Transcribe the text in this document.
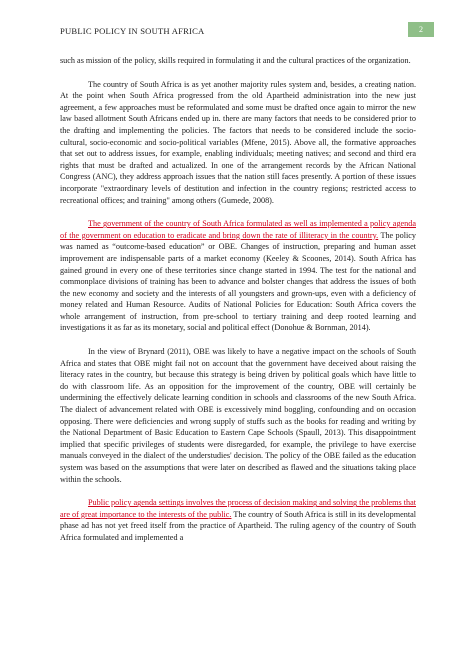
PUBLIC POLICY IN SOUTH AFRICA	2

such as mission of the policy, skills required in formulating it and the cultural practices of the organization.

The country of South Africa is as yet another majority rules system and, besides, a creating nation. At the point when South Africa progressed from the old Apartheid administration into the new just agreement, a few approaches must be reformulated and some must be drafted once again to mirror the new law based allotment South Africans ended up in. there are many factors that needs to be considered prior to the drafting and implementing the policies. The factors that needs to be considered include the socio-cultural, socio-economic and socio-political variables (Mfene, 2015). Above all, the formative approaches that set out to address issues, for example, enabling individuals; meeting natives; and second and third era rights that must be drafted and actualized. In one of the arrangement records by the African National Congress (ANC), they address approach issues that the nation still faces presently. A portion of these issues incorporate "extraordinary levels of destitution and infection in the country regions; restricted access to recreational offices; and training" among others (Gumede, 2008).

The government of the country of South Africa formulated as well as implemented a policy agenda of the government on education to eradicate and bring down the rate of illiteracy in the country. The policy was named as “outcome-based education” or OBE. Changes of instruction, preparing and human asset improvement are indispensable parts of a market economy (Keeley & Scoones, 2014). South Africa has gained ground in every one of these territories since change started in 1994. The test for the national and commonplace divisions of training has been to advance and bolster changes that address the issues of both the new economy and society and the interests of all youngsters and grown-ups, even with a deficiency of money related and Human Resource. Audits of National Policies for Education: South Africa covers the whole arrangement of instruction, from pre-school to tertiary training and deep rooted learning and investigations it as far as its monetary, social and political effect (Donohue & Bornman, 2014).

In the view of Brynard (2011), OBE was likely to have a negative impact on the schools of South Africa and states that OBE might fail not on account that the government have deceived about raising the literacy rates in the country, but because this strategy is being driven by political goals which have little to do with classroom life. As an opposition for the improvement of the country, OBE will certainly be undermining the effectively delicate learning condition in schools and classrooms of the new South Africa. The dialect of advancement related with OBE is excessively mind boggling, confounding and on occasion opposing. There were deficiencies and wrong supply of stuffs such as the books for reading and writing by the National Department of Basic Education to Eastern Cape Schools (Spaull, 2013). This disappointment implied that specific privileges of students were disregarded, for example, the privilege to have exercise manuals conveyed in the dialect of the understudies' decision. The policy of the OBE failed as the education system was based on the assumptions that were later on described as flawed and the situations taking place within the schools.

Public policy agenda settings involves the process of decision making and solving the problems that are of great importance to the interests of the public. The country of South Africa is still in its developmental phase ad has not yet freed itself from the practice of Apartheid. The ruling agency of the country of South Africa formulated and implemented a
